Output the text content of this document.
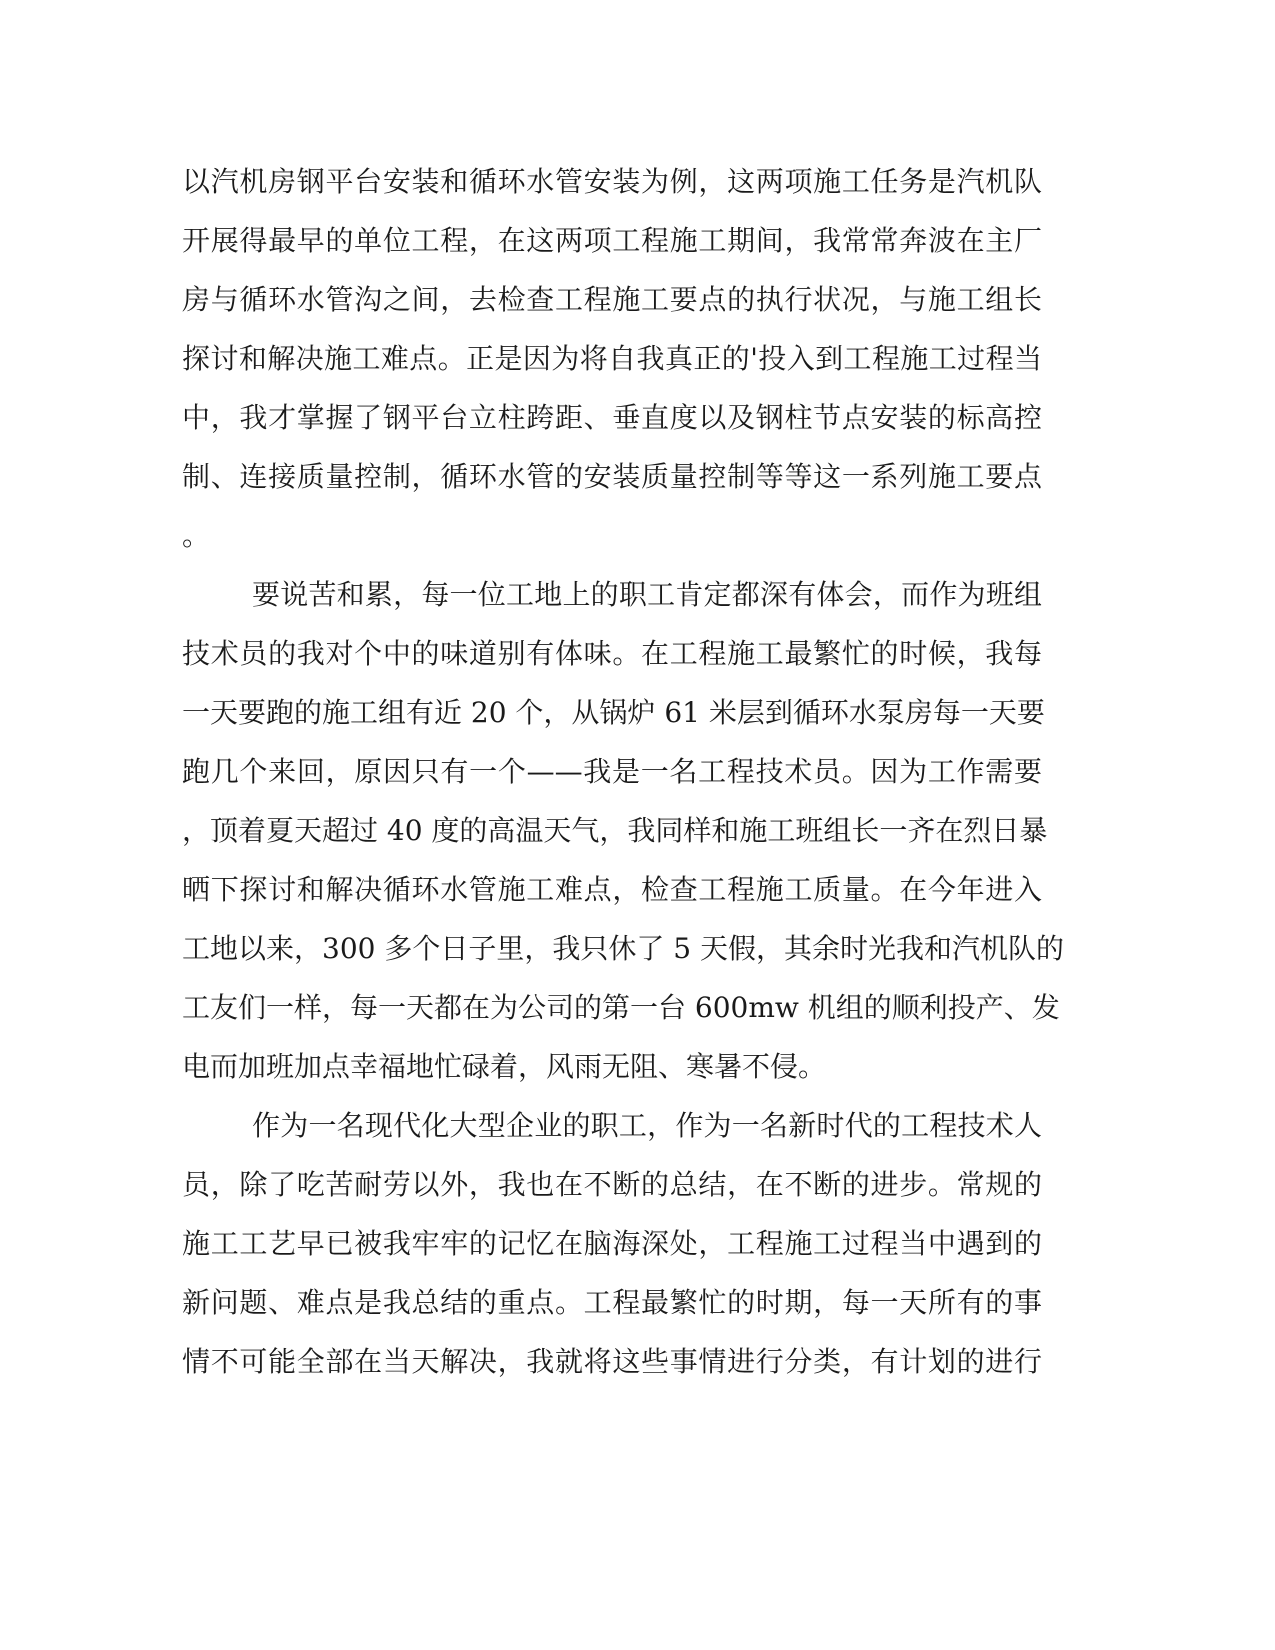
以汽机房钢平台安装和循环水管安装为例，这两项施工任务是汽机队
开展得最早的单位工程，在这两项工程施工期间，我常常奔波在主厂
房与循环水管沟之间，去检查工程施工要点的执行状况，与施工组长
探讨和解决施工难点。正是因为将自我真正的'投入到工程施工过程当
中，我才掌握了钢平台立柱跨距、垂直度以及钢柱节点安装的标高控
制、连接质量控制，循环水管的安装质量控制等等这一系列施工要点
。
要说苦和累，每一位工地上的职工肯定都深有体会，而作为班组
技术员的我对个中的味道别有体味。在工程施工最繁忙的时候，我每
一天要跑的施工组有近 20 个，从锅炉 61 米层到循环水泵房每一天要
跑几个来回，原因只有一个——我是一名工程技术员。因为工作需要
，顶着夏天超过 40 度的高温天气，我同样和施工班组长一齐在烈日暴
晒下探讨和解决循环水管施工难点，检查工程施工质量。在今年进入
工地以来，300 多个日子里，我只休了 5 天假，其余时光我和汽机队的
工友们一样，每一天都在为公司的第一台 600mw 机组的顺利投产、发
电而加班加点幸福地忙碌着，风雨无阻、寒暑不侵。
作为一名现代化大型企业的职工，作为一名新时代的工程技术人
员，除了吃苦耐劳以外，我也在不断的总结，在不断的进步。常规的
施工工艺早已被我牢牢的记忆在脑海深处，工程施工过程当中遇到的
新问题、难点是我总结的重点。工程最繁忙的时期，每一天所有的事
情不可能全部在当天解决，我就将这些事情进行分类，有计划的进行
